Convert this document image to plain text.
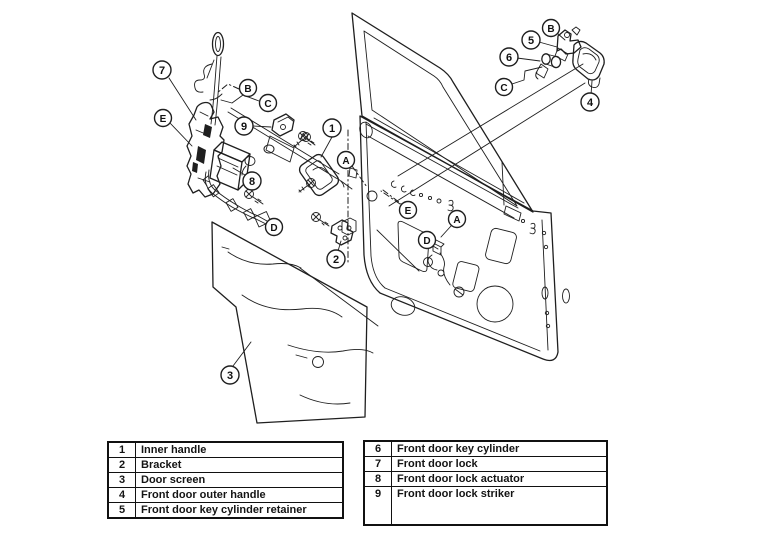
1
2
3
4
5
6
7
8
9
A
A
B
B
C
C
D
D
E
E
1	Inner handle
2	Bracket
3	Door screen
4	Front door outer handle
5	Front door key cylinder retainer
6	Front door key cylinder
7	Front door lock
8	Front door lock actuator
9	Front door lock striker
